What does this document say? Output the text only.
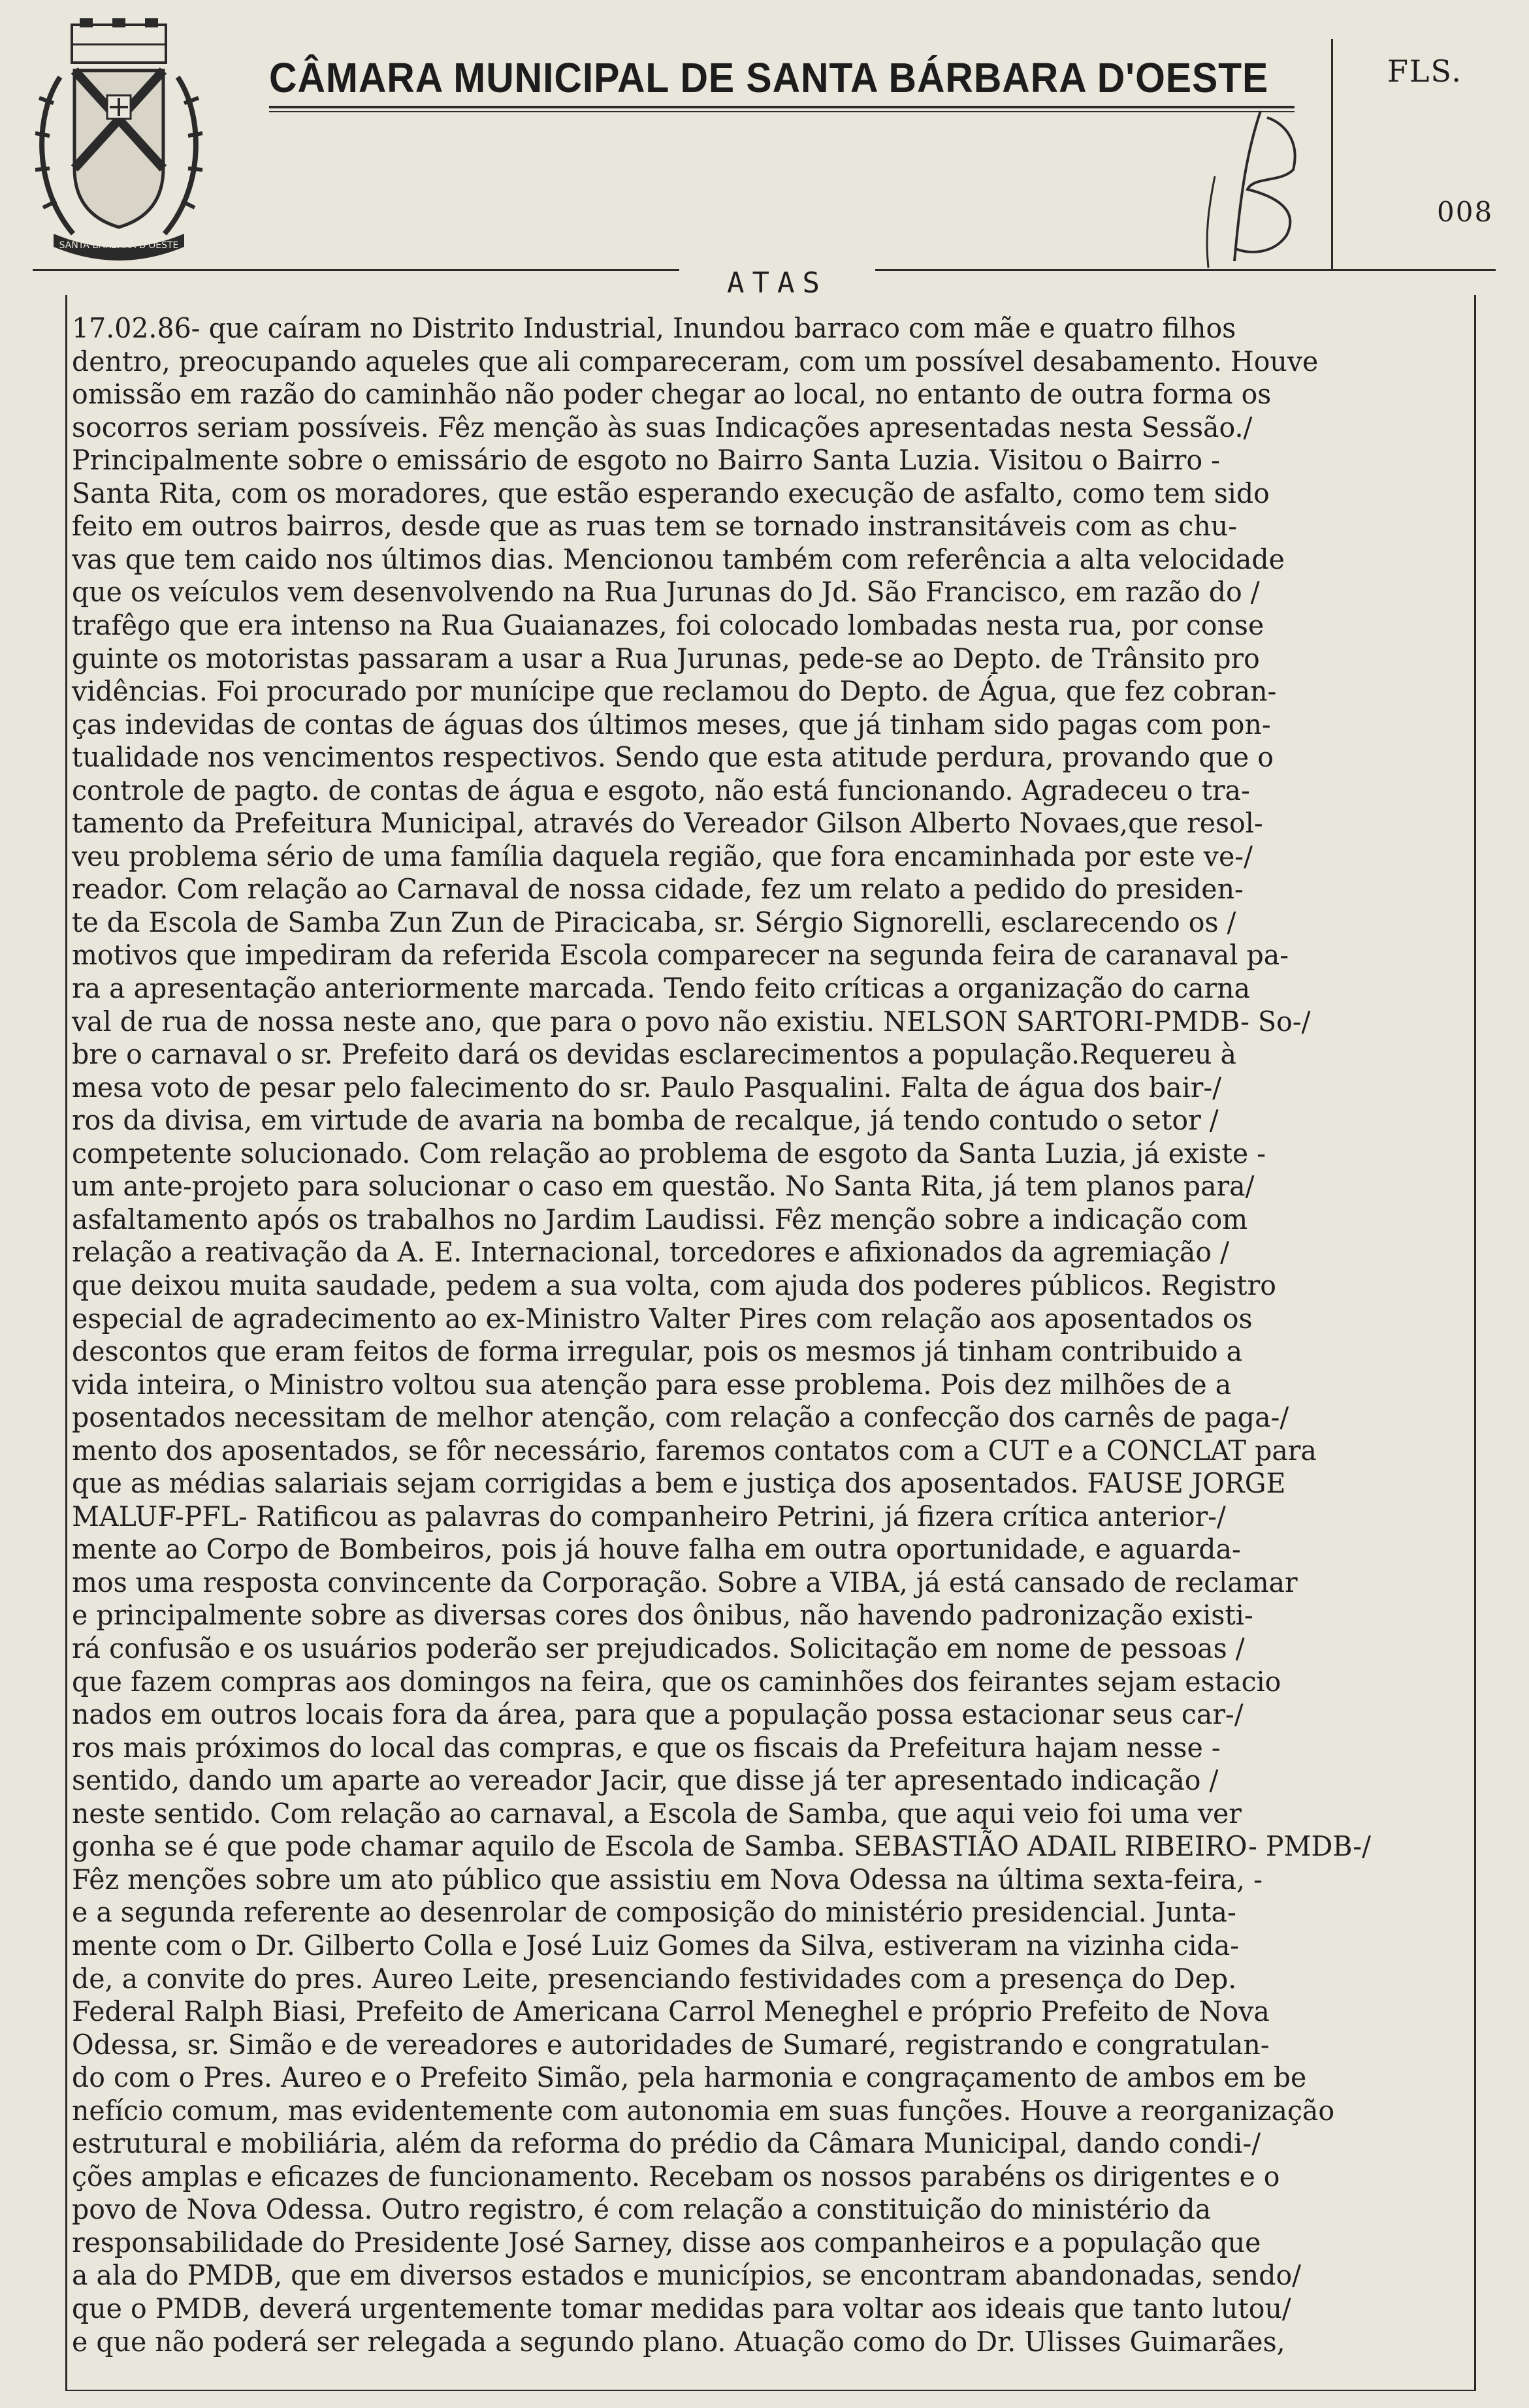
SANTA BARBARA D'OESTE
CÂMARA MUNICIPAL DE SANTA BÁRBARA D'OESTE	FLS.
008
ATAS

17.02.86- que caíram no Distrito Industrial, Inundou barraco com mãe e quatro filhos

dentro, preocupando aqueles que ali compareceram, com um possível desabamento. Houve

omissão em razão do caminhão não poder chegar ao local, no entanto de outra forma os

socorros seriam possíveis. Fêz menção às suas Indicações apresentadas nesta Sessão./

Principalmente sobre o emissário de esgoto no Bairro Santa Luzia. Visitou o Bairro -

Santa Rita, com os moradores, que estão esperando execução de asfalto, como tem sido

feito em outros bairros, desde que as ruas tem se tornado instransitáveis com as chu-

vas que tem caido nos últimos dias. Mencionou também com referência a alta velocidade

que os veículos vem desenvolvendo na Rua Jurunas do Jd. São Francisco, em razão do /

trafêgo que era intenso na Rua Guaianazes, foi colocado lombadas nesta rua, por conse

guinte os motoristas passaram a usar a Rua Jurunas, pede-se ao Depto. de Trânsito pro

vidências. Foi procurado por munícipe que reclamou do Depto. de Água, que fez cobran-

ças indevidas de contas de águas dos últimos meses, que já tinham sido pagas com pon-

tualidade nos vencimentos respectivos. Sendo que esta atitude perdura, provando que o

controle de pagto. de contas de água e esgoto, não está funcionando. Agradeceu o tra-

tamento da Prefeitura Municipal, através do Vereador Gilson Alberto Novaes,que resol-

veu problema sério de uma família daquela região, que fora encaminhada por este ve-/

reador. Com relação ao Carnaval de nossa cidade, fez um relato a pedido do presiden-

te da Escola de Samba Zun Zun de Piracicaba, sr. Sérgio Signorelli, esclarecendo os /

motivos que impediram da referida Escola comparecer na segunda feira de caranaval pa-

ra a apresentação anteriormente marcada. Tendo feito críticas a organização do carna

val de rua de nossa neste ano, que para o povo não existiu. NELSON SARTORI-PMDB- So-/

bre o carnaval o sr. Prefeito dará os devidas esclarecimentos a população.Requereu à

mesa voto de pesar pelo falecimento do sr. Paulo Pasqualini. Falta de água dos bair-/

ros da divisa, em virtude de avaria na bomba de recalque, já tendo contudo o setor /

competente solucionado. Com relação ao problema de esgoto da Santa Luzia, já existe -

um ante-projeto para solucionar o caso em questão. No Santa Rita, já tem planos para/

asfaltamento após os trabalhos no Jardim Laudissi. Fêz menção sobre a indicação com

relação a reativação da A. E. Internacional, torcedores e afixionados da agremiação /

que deixou muita saudade, pedem a sua volta, com ajuda dos poderes públicos. Registro

especial de agradecimento ao ex-Ministro Valter Pires com relação aos aposentados os

descontos que eram feitos de forma irregular, pois os mesmos já tinham contribuido a

vida inteira, o Ministro voltou sua atenção para esse problema. Pois dez milhões de a

posentados necessitam de melhor atenção, com relação a confecção dos carnês de paga-/

mento dos aposentados, se fôr necessário, faremos contatos com a CUT e a CONCLAT para

que as médias salariais sejam corrigidas a bem e justiça dos aposentados. FAUSE JORGE

MALUF-PFL- Ratificou as palavras do companheiro Petrini, já fizera crítica anterior-/

mente ao Corpo de Bombeiros, pois já houve falha em outra oportunidade, e aguarda-

mos uma resposta convincente da Corporação. Sobre a VIBA, já está cansado de reclamar

e principalmente sobre as diversas cores dos ônibus, não havendo padronização existi-

rá confusão e os usuários poderão ser prejudicados. Solicitação em nome de pessoas /

que fazem compras aos domingos na feira, que os caminhões dos feirantes sejam estacio

nados em outros locais fora da área, para que a população possa estacionar seus car-/

ros mais próximos do local das compras, e que os fiscais da Prefeitura hajam nesse -

sentido, dando um aparte ao vereador Jacir, que disse já ter apresentado indicação /

neste sentido. Com relação ao carnaval, a Escola de Samba, que aqui veio foi uma ver

gonha se é que pode chamar aquilo de Escola de Samba. SEBASTIÃO ADAIL RIBEIRO- PMDB-/

Fêz menções sobre um ato público que assistiu em Nova Odessa na última sexta-feira, -

e a segunda referente ao desenrolar de composição do ministério presidencial. Junta-

mente com o Dr. Gilberto Colla e José Luiz Gomes da Silva, estiveram na vizinha cida-

de, a convite do pres. Aureo Leite, presenciando festividades com a presença do Dep.

Federal Ralph Biasi, Prefeito de Americana Carrol Meneghel e próprio Prefeito de Nova

Odessa, sr. Simão e de vereadores e autoridades de Sumaré, registrando e congratulan-

do com o Pres. Aureo e o Prefeito Simão, pela harmonia e congraçamento de ambos em be

nefício comum, mas evidentemente com autonomia em suas funções. Houve a reorganização

estrutural e mobiliária, além da reforma do prédio da Câmara Municipal, dando condi-/

ções amplas e eficazes de funcionamento. Recebam os nossos parabéns os dirigentes e o

povo de Nova Odessa. Outro registro, é com relação a constituição do ministério da

responsabilidade do Presidente José Sarney, disse aos companheiros e a população que

a ala do PMDB, que em diversos estados e municípios, se encontram abandonadas, sendo/

que o PMDB, deverá urgentemente tomar medidas para voltar aos ideais que tanto lutou/

e que não poderá ser relegada a segundo plano. Atuação como do Dr. Ulisses Guimarães,
